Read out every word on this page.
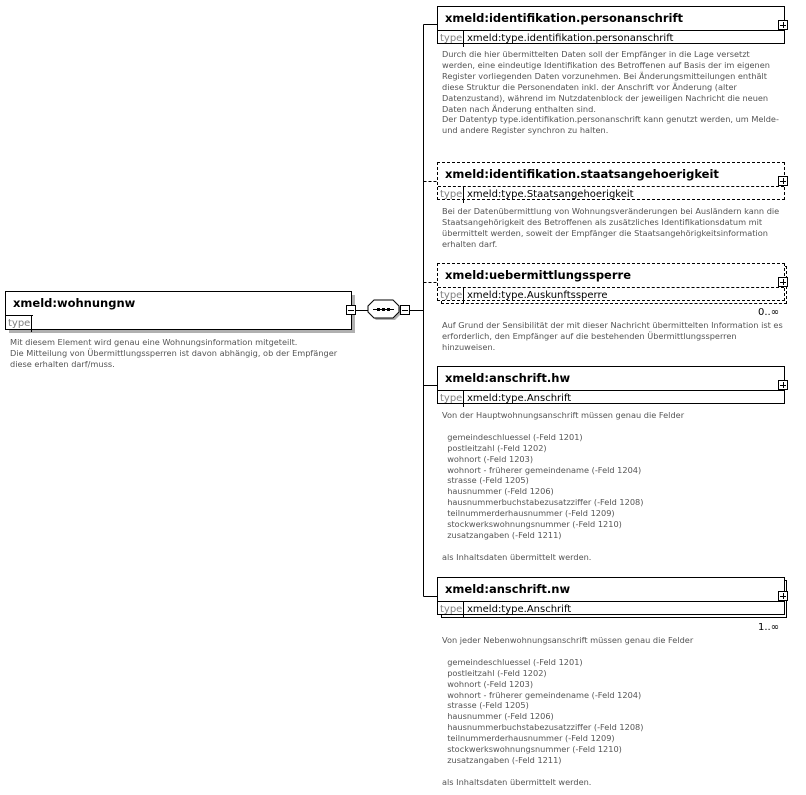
xmeld:wohnungnw
type
Mit diesem Element wird genau eine Wohnungsinformation mitgeteilt.
Die Mitteilung von Übermittlungssperren ist davon abhängig, ob der Empfänger
diese erhalten darf/muss.
xmeld:identifikation.personanschrift
type xmeld:type.identifikation.personanschrift
Durch die hier übermittelten Daten soll der Empfänger in die Lage versetzt
werden, eine eindeutige Identifikation des Betroffenen auf Basis der im eigenen
Register vorliegenden Daten vorzunehmen. Bei Änderungsmitteilungen enthält
diese Struktur die Personendaten inkl. der Anschrift vor Änderung (alter
Datenzustand), während im Nutzdatenblock der jeweiligen Nachricht die neuen
Daten nach Änderung enthalten sind.
Der Datentyp type.identifikation.personanschrift kann genutzt werden, um Melde-
und andere Register synchron zu halten.
xmeld:identifikation.staatsangehoerigkeit
type xmeld:type.Staatsangehoerigkeit
Bei der Datenübermittlung von Wohnungsveränderungen bei Ausländern kann die
Staatsangehörigkeit des Betroffenen als zusätzliches Identifikationsdatum mit
übermittelt werden, soweit der Empfänger die Staatsangehörigkeitsinformation
erhalten darf.
xmeld:uebermittlungssperre
type xmeld:type.Auskunftssperre
0..∞
Auf Grund der Sensibilität der mit dieser Nachricht übermittelten Information ist es
erforderlich, den Empfänger auf die bestehenden Übermittlungssperren
hinzuweisen.
xmeld:anschrift.hw
type xmeld:type.Anschrift
Von der Hauptwohnungsanschrift müssen genau die Felder

gemeindeschluessel (-Feld 1201)
postleitzahl (-Feld 1202)
wohnort (-Feld 1203)
wohnort - früherer gemeindename (-Feld 1204)
strasse (-Feld 1205)
hausnummer (-Feld 1206)
hausnummerbuchstabezusatzziffer (-Feld 1208)
teilnummerderhausnummer (-Feld 1209)
stockwerkswohnungsnummer (-Feld 1210)
zusatzangaben (-Feld 1211)

als Inhaltsdaten übermittelt werden.
xmeld:anschrift.nw
type xmeld:type.Anschrift
1..∞
Von jeder Nebenwohnungsanschrift müssen genau die Felder

gemeindeschluessel (-Feld 1201)
postleitzahl (-Feld 1202)
wohnort (-Feld 1203)
wohnort - früherer gemeindename (-Feld 1204)
strasse (-Feld 1205)
hausnummer (-Feld 1206)
hausnummerbuchstabezusatzziffer (-Feld 1208)
teilnummerderhausnummer (-Feld 1209)
stockwerkswohnungsnummer (-Feld 1210)
zusatzangaben (-Feld 1211)

als Inhaltsdaten übermittelt werden.
